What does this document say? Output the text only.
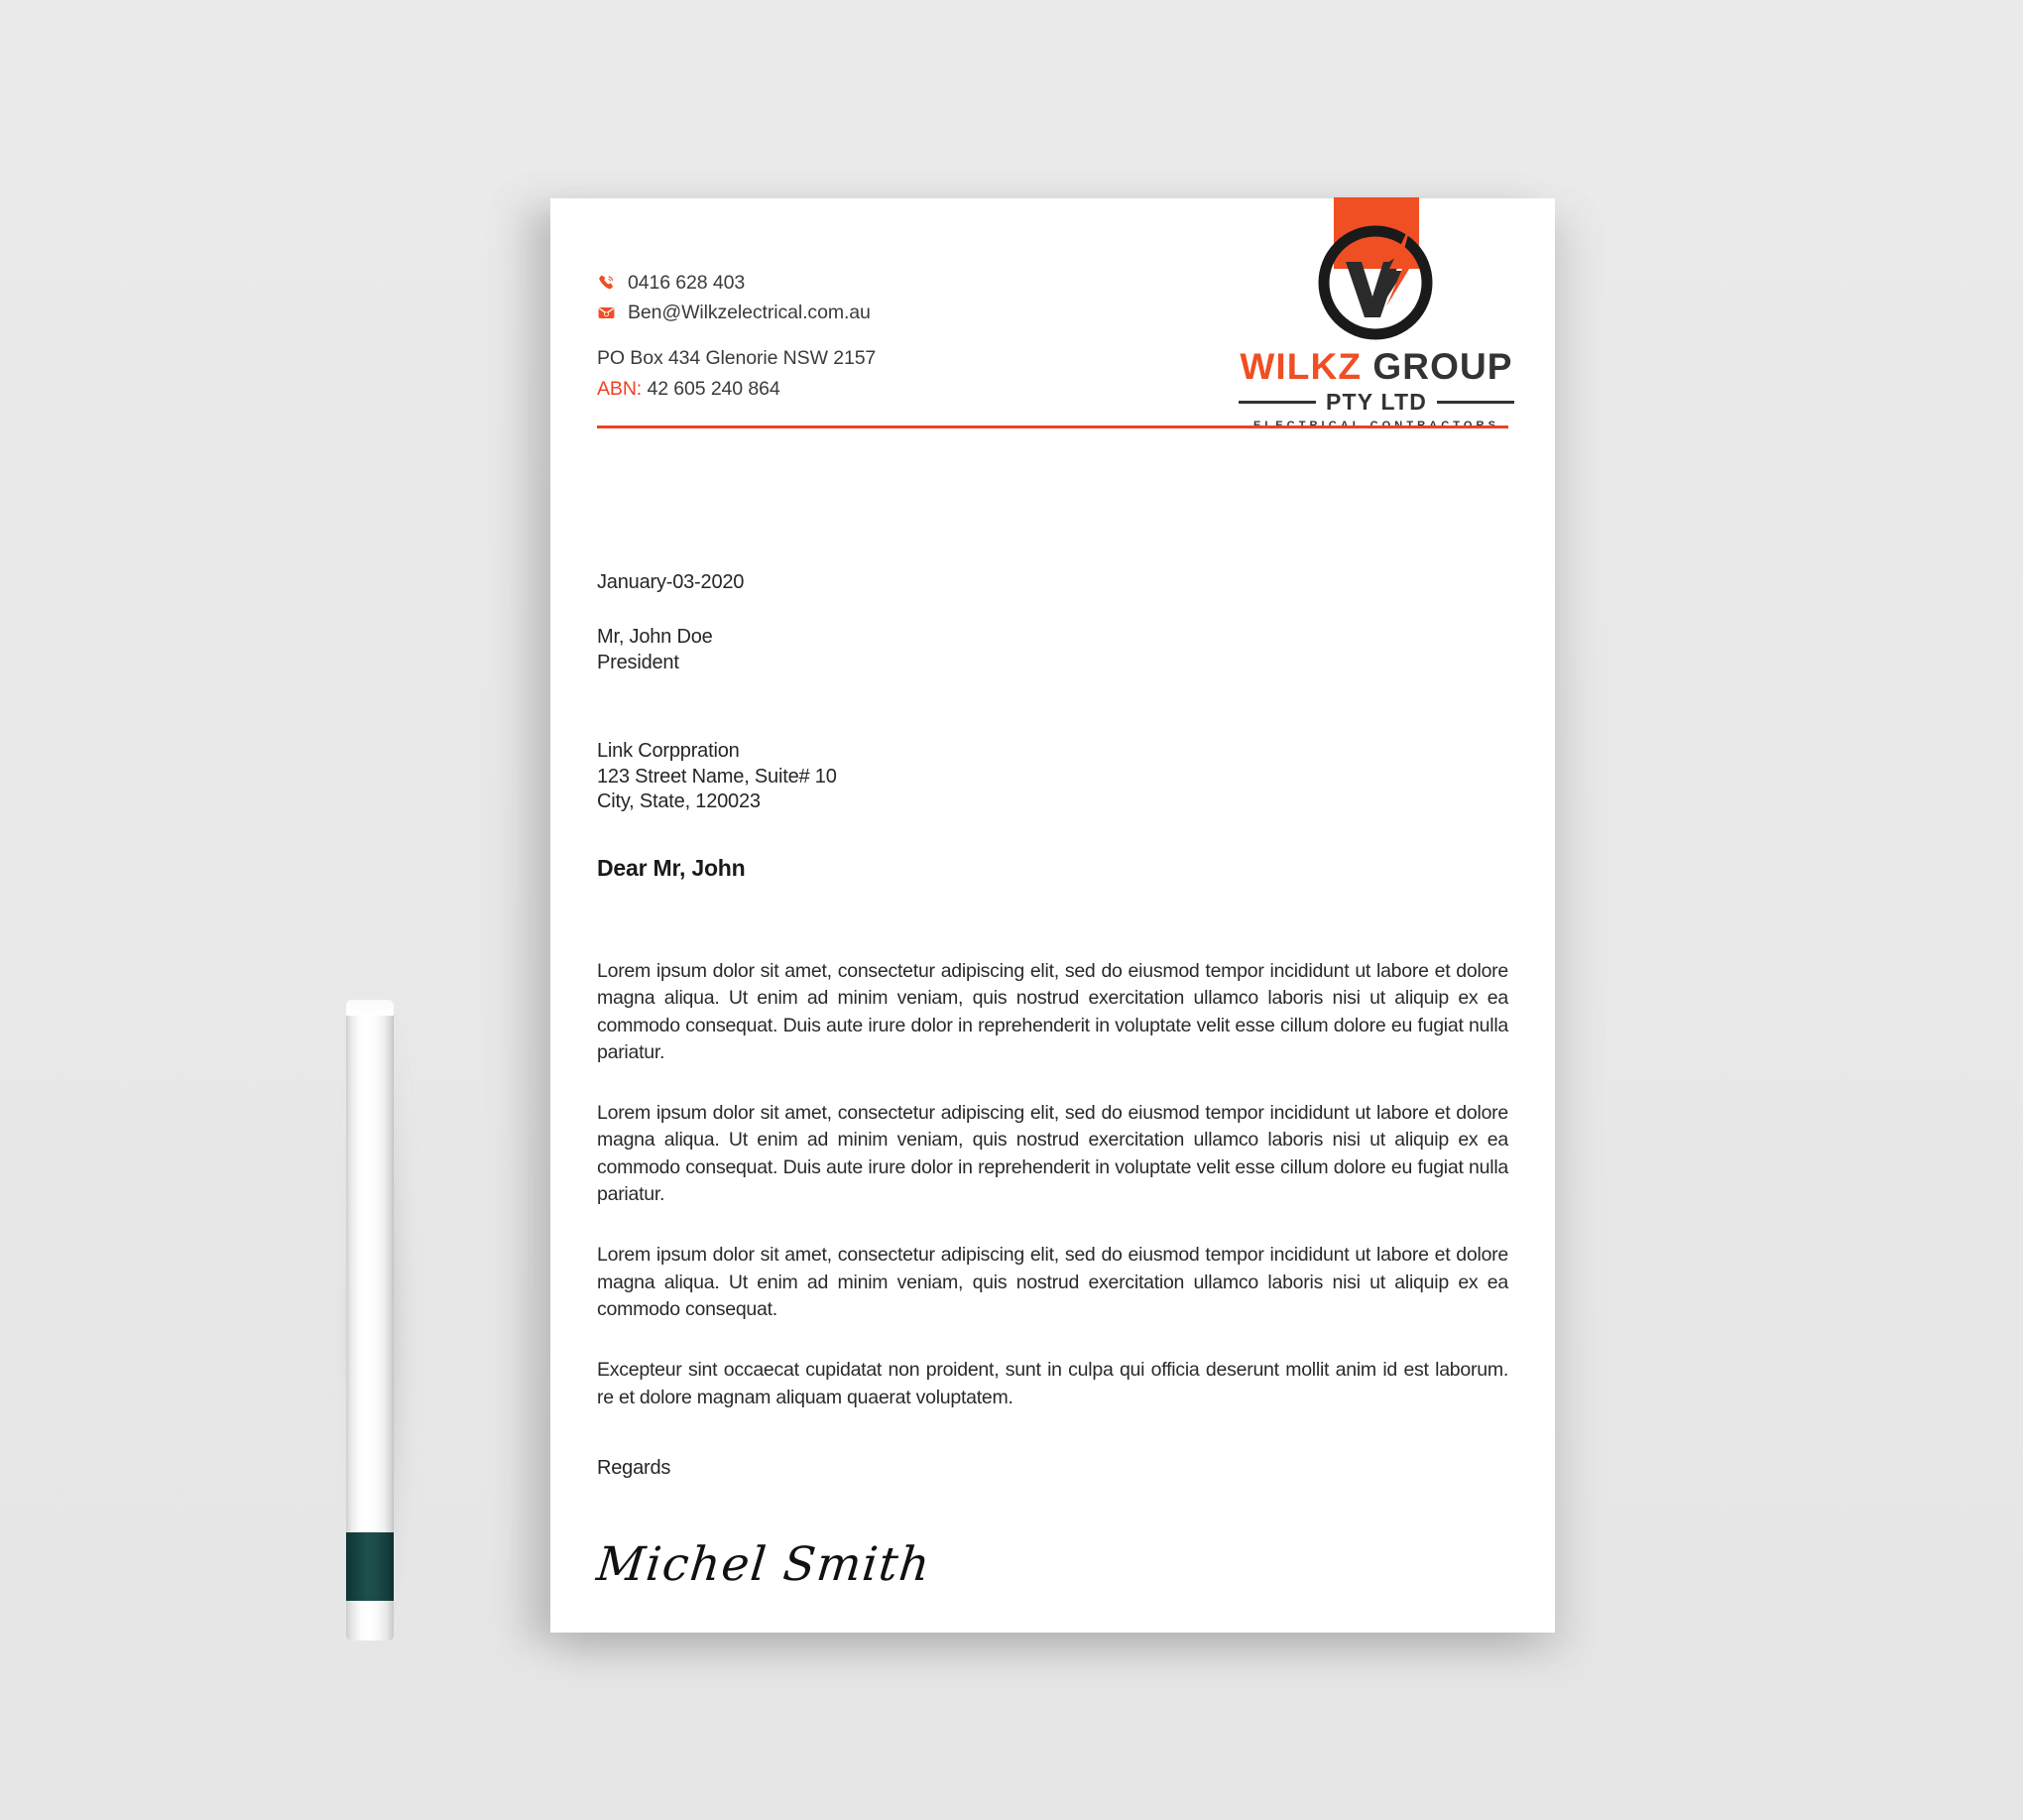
0416 628 403
Ben@Wilkzelectrical.com.au
PO Box 434 Glenorie NSW 2157
ABN: 42 605 240 864
WILKZ GROUP
PTY LTD
January-03-2020
Mr, John Doe
President
Link Corppration
123 Street Name, Suite# 10
City, State, 120023
Dear Mr, John

Lorem ipsum dolor sit amet, consectetur adipiscing elit, sed do eiusmod tempor incididunt ut labore et dolore magna aliqua. Ut enim ad minim veniam, quis nostrud exercitation ullamco laboris nisi ut aliquip ex ea commodo consequat. Duis aute irure dolor in reprehenderit in voluptate velit esse cillum dolore eu fugiat nulla pariatur.

Lorem ipsum dolor sit amet, consectetur adipiscing elit, sed do eiusmod tempor incididunt ut labore et dolore magna aliqua. Ut enim ad minim veniam, quis nostrud exercitation ullamco laboris nisi ut aliquip ex ea commodo consequat. Duis aute irure dolor in reprehenderit in voluptate velit esse cillum dolore eu fugiat nulla pariatur.

Lorem ipsum dolor sit amet, consectetur adipiscing elit, sed do eiusmod tempor incididunt ut labore et dolore magna aliqua. Ut enim ad minim veniam, quis nostrud exercitation ullamco laboris nisi ut aliquip ex ea commodo consequat.

Excepteur sint occaecat cupidatat non proident, sunt in culpa qui officia deserunt mollit anim id est laborum. re et dolore magnam aliquam quaerat voluptatem.

Regards
Michel Smith
